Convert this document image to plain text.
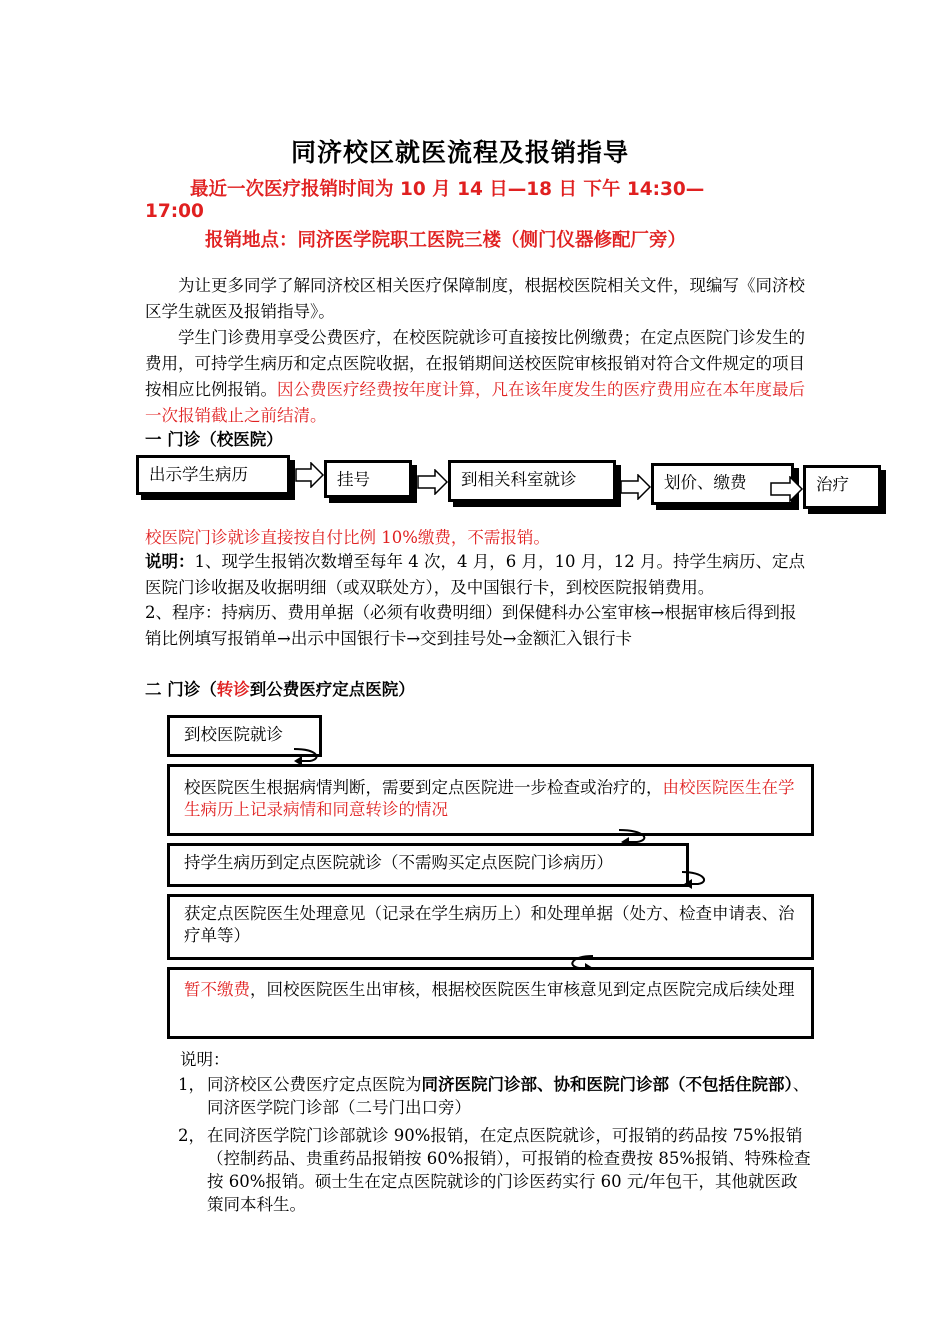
同济校区就医流程及报销指导
最近一次医疗报销时间为 10 月 14 日—18 日 下午 14:30—
17:00
报销地点：同济医学院职工医院三楼（侧门仪器修配厂旁）
为让更多同学了解同济校区相关医疗保障制度，根据校医院相关文件，现编写《同济校区学生就医及报销指导》。
学生门诊费用享受公费医疗，在校医院就诊可直接按比例缴费；在定点医院门诊发生的费用，可持学生病历和定点医院收据，在报销期间送校医院审核报销对符合文件规定的项目按相应比例报销。因公费医疗经费按年度计算，凡在该年度发生的医疗费用应在本年度最后一次报销截止之前结清。
一 门诊（校医院）
出示学生病历	挂号	到相关科室就诊	划价、缴费	治疗
校医院门诊就诊直接按自付比例 10%缴费，不需报销。
说明：1、现学生报销次数增至每年 4 次，4 月，6 月，10 月，12 月。持学生病历、定点医院门诊收据及收据明细（或双联处方），及中国银行卡，到校医院报销费用。
2、程序：持病历、费用单据（必须有收费明细）到保健科办公室审核→根据审核后得到报销比例填写报销单→出示中国银行卡→交到挂号处→金额汇入银行卡
二 门诊（转诊到公费医疗定点医院）
到校医院就诊
校医院医生根据病情判断，需要到定点医院进一步检查或治疗的，由校医院医生在学生病历上记录病情和同意转诊的情况
持学生病历到定点医院就诊（不需购买定点医院门诊病历）
获定点医院医生处理意见（记录在学生病历上）和处理单据（处方、检查申请表、治疗单等）
暂不缴费，回校医院医生出审核，根据校医院医生审核意见到定点医院完成后续处理
说明：
1， 同济校区公费医疗定点医院为同济医院门诊部、协和医院门诊部（不包括住院部）、同济医学院门诊部（二号门出口旁）
2， 在同济医学院门诊部就诊 90%报销，在定点医院就诊，可报销的药品按 75%报销（控制药品、贵重药品报销按 60%报销），可报销的检查费按 85%报销、特殊检查按 60%报销。硕士生在定点医院就诊的门诊医药实行 60 元/年包干，其他就医政策同本科生。
